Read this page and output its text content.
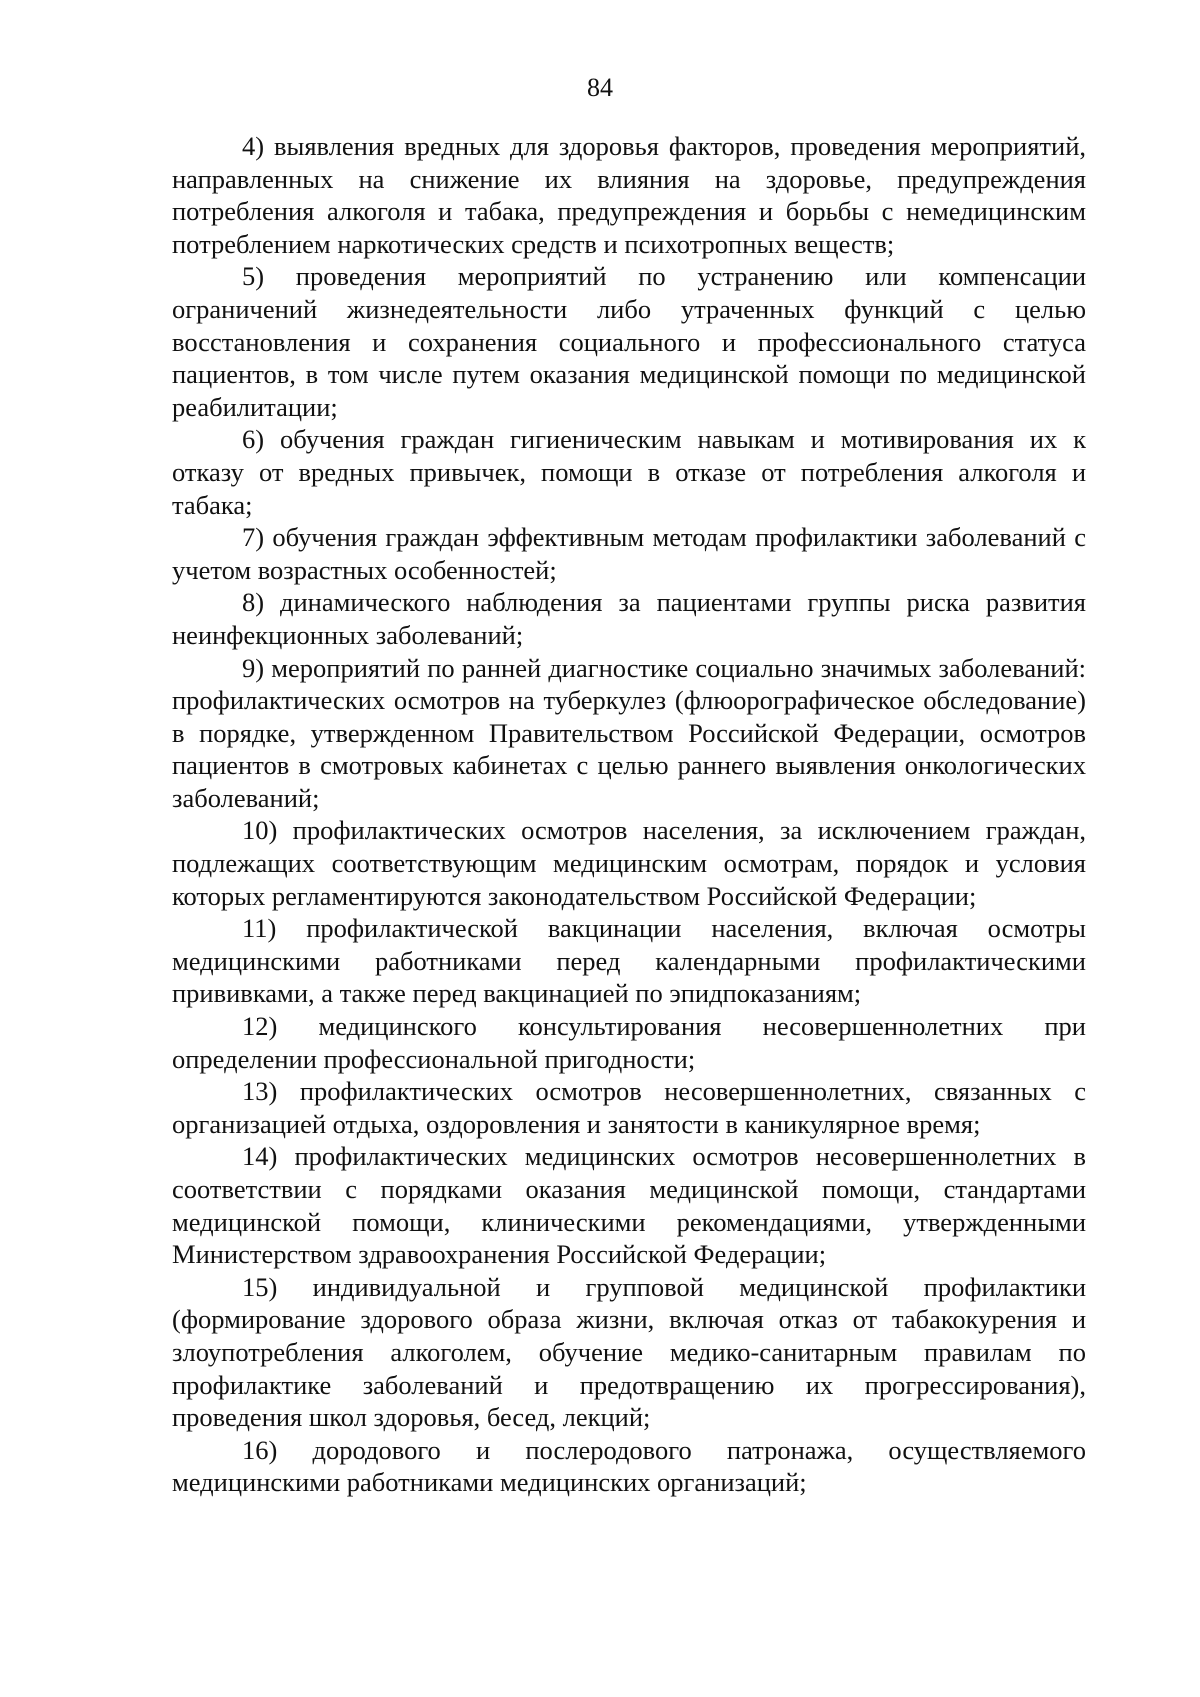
84

4) выявления вредных для здоровья факторов, проведения мероприятий, направленных на снижение их влияния на здоровье, предупреждения потребления алкоголя и табака, предупреждения и борьбы с немедицинским потреблением наркотических средств и психотропных веществ;

5) проведения мероприятий по устранению или компенсации ограничений жизнедеятельности либо утраченных функций с целью восстановления и сохранения социального и профессионального статуса пациентов, в том числе путем оказания медицинской помощи по медицинской реабилитации;

6) обучения граждан гигиеническим навыкам и мотивирования их к отказу от вредных привычек, помощи в отказе от потребления алкоголя и табака;

7) обучения граждан эффективным методам профилактики заболеваний с учетом возрастных особенностей;

8) динамического наблюдения за пациентами группы риска развития неинфекционных заболеваний;

9) мероприятий по ранней диагностике социально значимых заболеваний: профилактических осмотров на туберкулез (флюорографическое обследование) в порядке, утвержденном Правительством Российской Федерации, осмотров пациентов в смотровых кабинетах с целью раннего выявления онкологических заболеваний;

10) профилактических осмотров населения, за исключением граждан, подлежащих соответствующим медицинским осмотрам, порядок и условия которых регламентируются законодательством Российской Федерации;

11) профилактической вакцинации населения, включая осмотры медицинскими работниками перед календарными профилактическими прививками, а также перед вакцинацией по эпидпоказаниям;

12) медицинского консультирования несовершеннолетних при определении профессиональной пригодности;

13) профилактических осмотров несовершеннолетних, связанных с организацией отдыха, оздоровления и занятости в каникулярное время;

14) профилактических медицинских осмотров несовершеннолетних в соответствии с порядками оказания медицинской помощи, стандартами медицинской помощи, клиническими рекомендациями, утвержденными Министерством здравоохранения Российской Федерации;

15) индивидуальной и групповой медицинской профилактики (формирование здорового образа жизни, включая отказ от табакокурения и злоупотребления алкоголем, обучение медико-санитарным правилам по профилактике заболеваний и предотвращению их прогрессирования), проведения школ здоровья, бесед, лекций;

16) дородового и послеродового патронажа, осуществляемого медицинскими работниками медицинских организаций;
